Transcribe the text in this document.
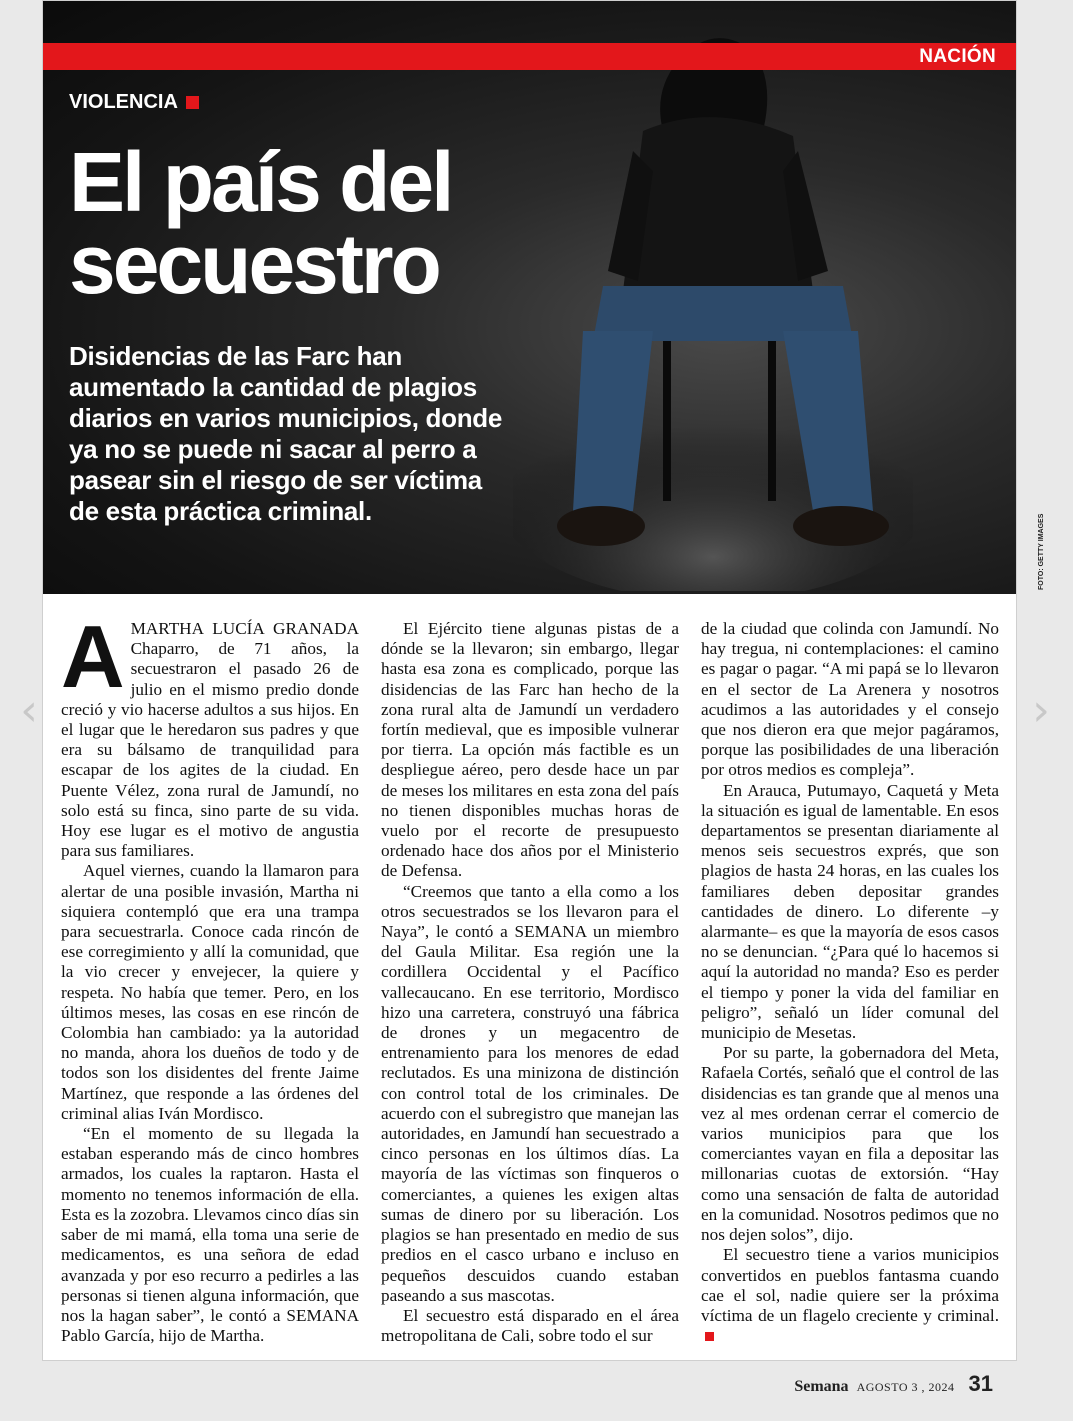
‹	›
NACIÓN
VIOLENCIA
El país del secuestro

Disidencias de las Farc han aumentado la cantidad de plagios diarios en varios municipios, donde ya no se puede ni sacar al perro a pasear sin el riesgo de ser víctima de esta práctica criminal.

AMARTHA LUCÍA GRANADA Chaparro, de 71 años, la secuestraron el pasado 26 de julio en el mismo predio donde creció y vio hacerse adultos a sus hijos. En el lugar que le heredaron sus padres y que era su bálsamo de tranquilidad para escapar de los agites de la ciudad. En Puente Vélez, zona rural de Jamundí, no solo está su finca, sino parte de su vida. Hoy ese lugar es el motivo de angustia para sus familiares.

Aquel viernes, cuando la llamaron para alertar de una posible invasión, Martha ni siquiera contempló que era una trampa para secuestrarla. Conoce cada rincón de ese corregimiento y allí la comunidad, que la vio crecer y envejecer, la quiere y respeta. No había que temer. Pero, en los últimos meses, las cosas en ese rincón de Colombia han cambiado: ya la autoridad no manda, ahora los dueños de todo y de todos son los disidentes del frente Jaime Martínez, que responde a las órdenes del criminal alias Iván Mordisco.

“En el momento de su llegada la estaban esperando más de cinco hombres armados, los cuales la raptaron. Hasta el momento no tenemos información de ella. Esta es la zozobra. Llevamos cinco días sin saber de mi mamá, ella toma una serie de medicamentos, es una señora de edad avanzada y por eso recurro a pedirles a las personas si tienen alguna información, que nos la hagan saber”, le contó a SEMANA Pablo García, hijo de Martha.

El Ejército tiene algunas pistas de a dónde se la llevaron; sin embargo, llegar hasta esa zona es complicado, porque las disidencias de las Farc han hecho de la zona rural alta de Jamundí un verdadero fortín medieval, que es imposible vulnerar por tierra. La opción más factible es un despliegue aéreo, pero desde hace un par de meses los militares en esta zona del país no tienen disponibles muchas horas de vuelo por el recorte de presupuesto ordenado hace dos años por el Ministerio de Defensa.

“Creemos que tanto a ella como a los otros secuestrados se los llevaron para el Naya”, le contó a SEMANA un miembro del Gaula Militar. Esa región une la cordillera Occidental y el Pacífico vallecaucano. En ese territorio, Mordisco hizo una carretera, construyó una fábrica de drones y un megacentro de entrenamiento para los menores de edad reclutados. Es una minizona de distinción con control total de los criminales. De acuerdo con el subregistro que manejan las autoridades, en Jamundí han secuestrado a cinco personas en los últimos días. La mayoría de las víctimas son finqueros o comerciantes, a quienes les exigen altas sumas de dinero por su liberación. Los plagios se han presentado en medio de sus predios en el casco urbano e incluso en pequeños descuidos cuando estaban paseando a sus mascotas.

El secuestro está disparado en el área metropolitana de Cali, sobre todo el sur

de la ciudad que colinda con Jamundí. No hay tregua, ni contemplaciones: el camino es pagar o pagar. “A mi papá se lo llevaron en el sector de La Arenera y nosotros acudimos a las autoridades y el consejo que nos dieron era que mejor pagáramos, porque las posibilidades de una liberación por otros medios es compleja”.

En Arauca, Putumayo, Caquetá y Meta la situación es igual de lamentable. En esos departamentos se presentan diariamente al menos seis secuestros exprés, que son plagios de hasta 24 horas, en las cuales los familiares deben depositar grandes cantidades de dinero. Lo diferente –y alarmante– es que la mayoría de esos casos no se denuncian. “¿Para qué lo hacemos si aquí la autoridad no manda? Eso es perder el tiempo y poner la vida del familiar en peligro”, señaló un líder comunal del municipio de Mesetas.

Por su parte, la gobernadora del Meta, Rafaela Cortés, señaló que el control de las disidencias es tan grande que al menos una vez al mes ordenan cerrar el comercio de varios municipios para que los comerciantes vayan en fila a depositar las millonarias cuotas de extorsión. “Hay como una sensación de falta de autoridad en la comunidad. Nosotros pedimos que no nos dejen solos”, dijo.

El secuestro tiene a varios municipios convertidos en pueblos fantasma cuando cae el sol, nadie quiere ser la próxima víctima de un flagelo creciente y criminal.

FOTO: GETTY IMAGES
Semana AGOSTO 3 , 2024 31
